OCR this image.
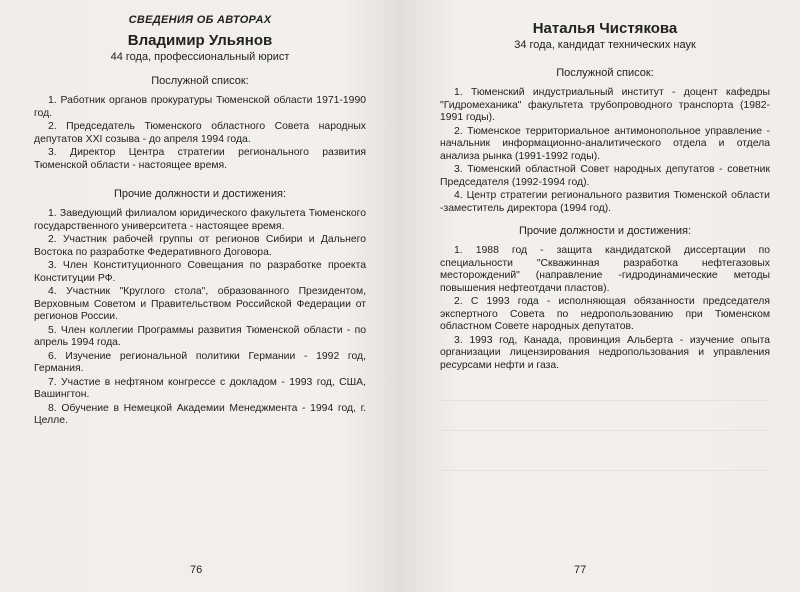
СВЕДЕНИЯ ОБ АВТОРАХ
Владимир Ульянов
44 года, профессиональный юрист
Послужной список:

1. Работник органов прокуратуры Тюменской области 1971-1990 год.

2. Председатель Тюменского областного Совета народных депутатов XXI созыва - до апреля 1994 года.

3. Директор Центра стратегии регионального развития Тюменской области - настоящее время.

Прочие должности и достижения:

1. Заведующий филиалом юридического факультета Тюменского государственного университета - настоящее время.

2. Участник рабочей группы от регионов Сибири и Дальнего Востока по разработке Федеративного Договора.

3. Член Конституционного Совещания по разработке проекта Конституции РФ.

4. Участник "Круглого стола", образованного Президентом, Верховным Советом и Правительством Российской Федерации от регионов России.

5. Член коллегии Программы развития Тюменской области - по апрель 1994 года.

6. Изучение региональной политики Германии - 1992 год, Германия.

7. Участие в нефтяном конгрессе с докладом - 1993 год, США, Вашингтон.

8. Обучение в Немецкой Академии Менеджмента - 1994 год, г. Целле.

76
Наталья Чистякова
34 года, кандидат технических наук
Послужной список:

1. Тюменский индустриальный институт - доцент кафедры "Гидромеханика" факультета трубопроводного транспорта (1982-1991 годы).

2. Тюменское территориальное антимонопольное управление - начальник информационно-аналитического отдела и отдела анализа рынка (1991-1992 годы).

3. Тюменский областной Совет народных депутатов - советник Председателя (1992-1994 год).

4. Центр стратегии регионального развития Тюменской области -заместитель директора (1994 год).

Прочие должности и достижения:

1. 1988 год - защита кандидатской диссертации по специальности "Скважинная разработка нефтегазовых месторождений" (направление -гидродинамические методы повышения нефтеотдачи пластов).

2. С 1993 года - исполняющая обязанности председателя экспертного Совета по недропользованию при Тюменском областном Совете народных депутатов.

3. 1993 год, Канада, провинция Альберта - изучение опыта организации лицензирования недропользования и управления ресурсами нефти и газа.

77
